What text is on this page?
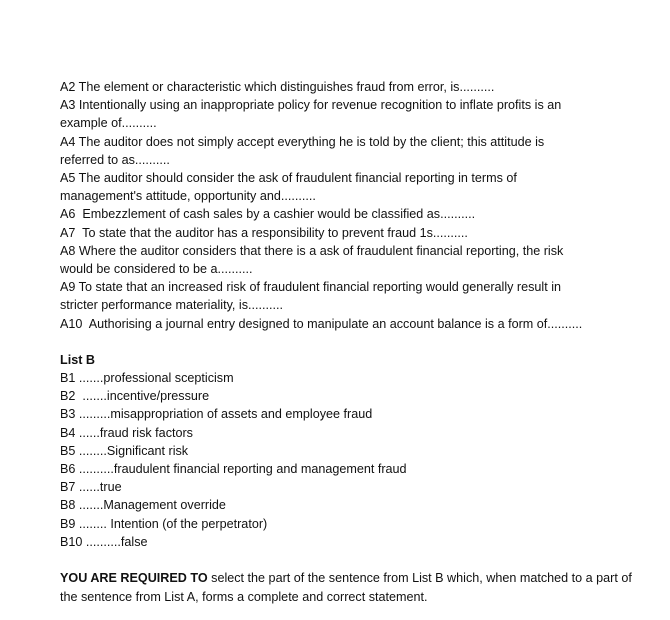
A2 The element or characteristic which distinguishes fraud from error, is..........

A3 Intentionally using an inappropriate policy for revenue recognition to inflate profits is an example of..........

A4 The auditor does not simply accept everything he is told by the client; this attitude is referred to as..........

A5 The auditor should consider the ask of fraudulent financial reporting in terms of management's attitude, opportunity and..........

A6  Embezzlement of cash sales by a cashier would be classified as..........

A7  To state that the auditor has a responsibility to prevent fraud 1s..........

A8 Where the auditor considers that there is a ask of fraudulent financial reporting, the risk would be considered to be a..........

A9 To state that an increased risk of fraudulent financial reporting would generally result in stricter performance materiality, is..........

A10  Authorising a journal entry designed to manipulate an account balance is a form of..........

List B

B1 .......professional scepticism

B2  .......incentive/pressure

B3 .........misappropriation of assets and employee fraud

B4 ......fraud risk factors

B5 ........Significant risk

B6 ..........fraudulent financial reporting and management fraud

B7 ......true

B8 .......Management override

B9 ........ Intention (of the perpetrator)

B10 ..........false

YOU ARE REQUIRED TO select the part of the sentence from List B which, when matched to a part of the sentence from List A, forms a complete and correct statement.
